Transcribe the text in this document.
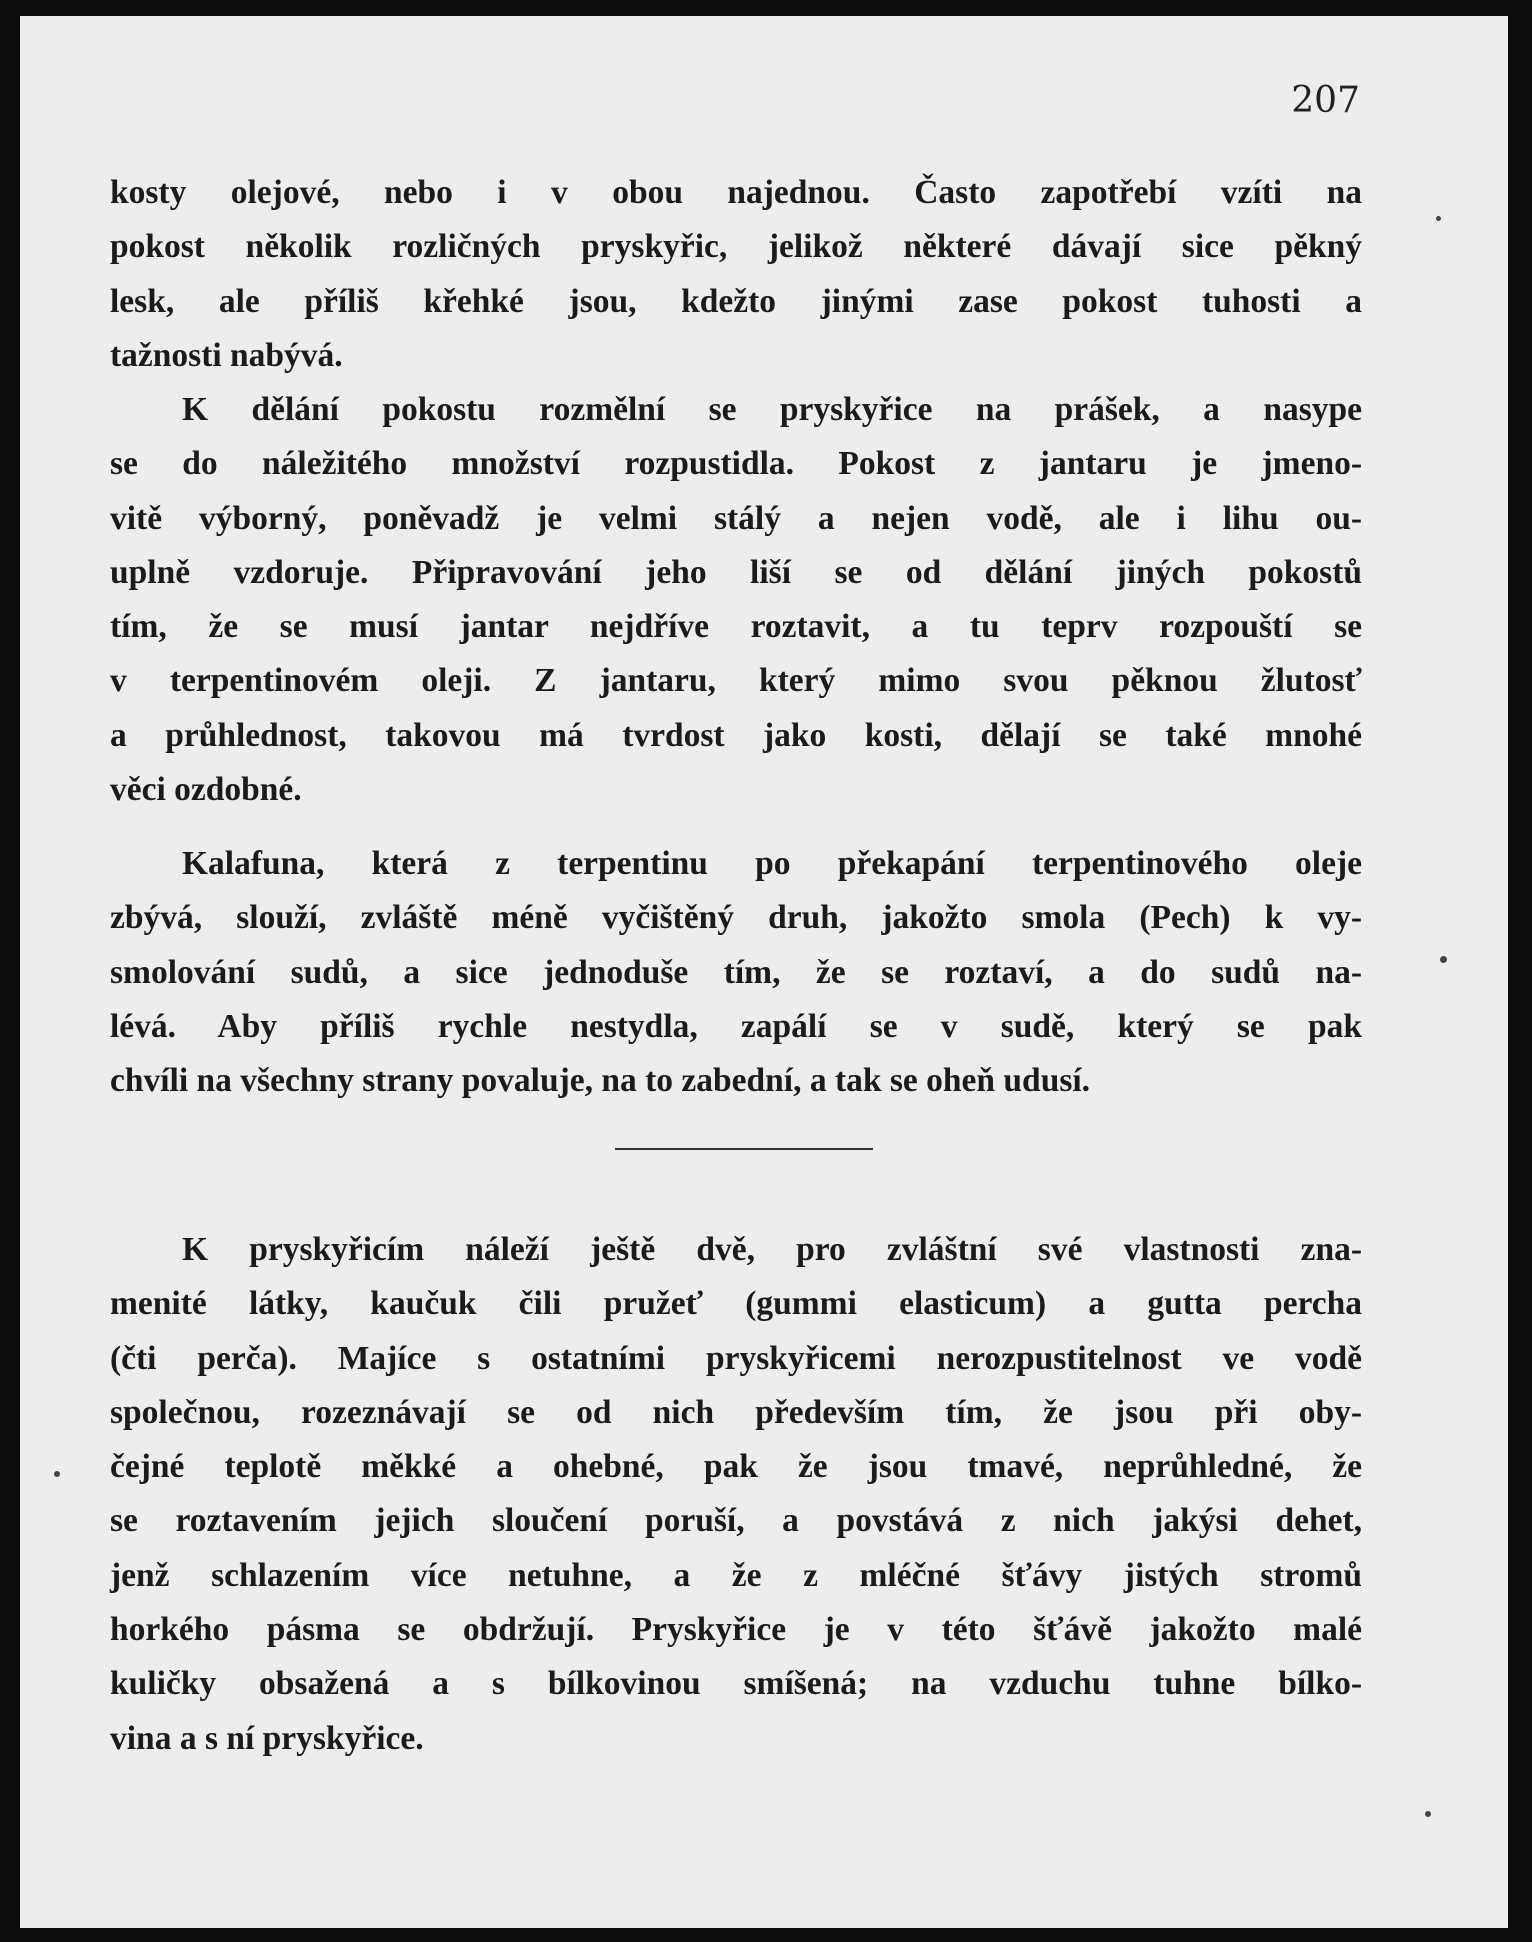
207
kosty olejové, nebo i v obou najednou. Často zapotřebí vzíti na
pokost několik rozličných pryskyřic, jelikož některé dávají sice pěkný
lesk, ale příliš křehké jsou, kdežto jinými zase pokost tuhosti a
tažnosti nabývá.
K dělání pokostu rozmělní se pryskyřice na prášek, a nasype
se do náležitého množství rozpustidla. Pokost z jantaru je jmeno-
vitě výborný, poněvadž je velmi stálý a nejen vodě, ale i lihu ou-
uplně vzdoruje. Připravování jeho liší se od dělání jiných pokostů
tím, že se musí jantar nejdříve roztavit, a tu teprv rozpouští se
v terpentinovém oleji. Z jantaru, který mimo svou pěknou žlutosť
a průhlednost, takovou má tvrdost jako kosti, dělají se také mnohé
věci ozdobné.
Kalafuna, která z terpentinu po překapání terpentinového oleje
zbývá, slouží, zvláště méně vyčištěný druh, jakožto smola (Pech) k vy-
smolování sudů, a sice jednoduše tím, že se roztaví, a do sudů na-
lévá. Aby příliš rychle nestydla, zapálí se v sudě, který se pak
chvíli na všechny strany povaluje, na to zabední, a tak se oheň udusí.
K pryskyřicím náleží ještě dvě, pro zvláštní své vlastnosti zna-
menité látky, kaučuk čili pružeť (gummi elasticum) a gutta percha
(čti perča). Majíce s ostatními pryskyřicemi nerozpustitelnost ve vodě
společnou, rozeznávají se od nich především tím, že jsou při oby-
čejné teplotě měkké a ohebné, pak že jsou tmavé, neprůhledné, že
se roztavením jejich sloučení poruší, a povstává z nich jakýsi dehet,
jenž schlazením více netuhne, a že z mléčné šťávy jistých stromů
horkého pásma se obdržují. Pryskyřice je v této šťávě jakožto malé
kuličky obsažená a s bílkovinou smíšená; na vzduchu tuhne bílko-
vina a s ní pryskyřice.
